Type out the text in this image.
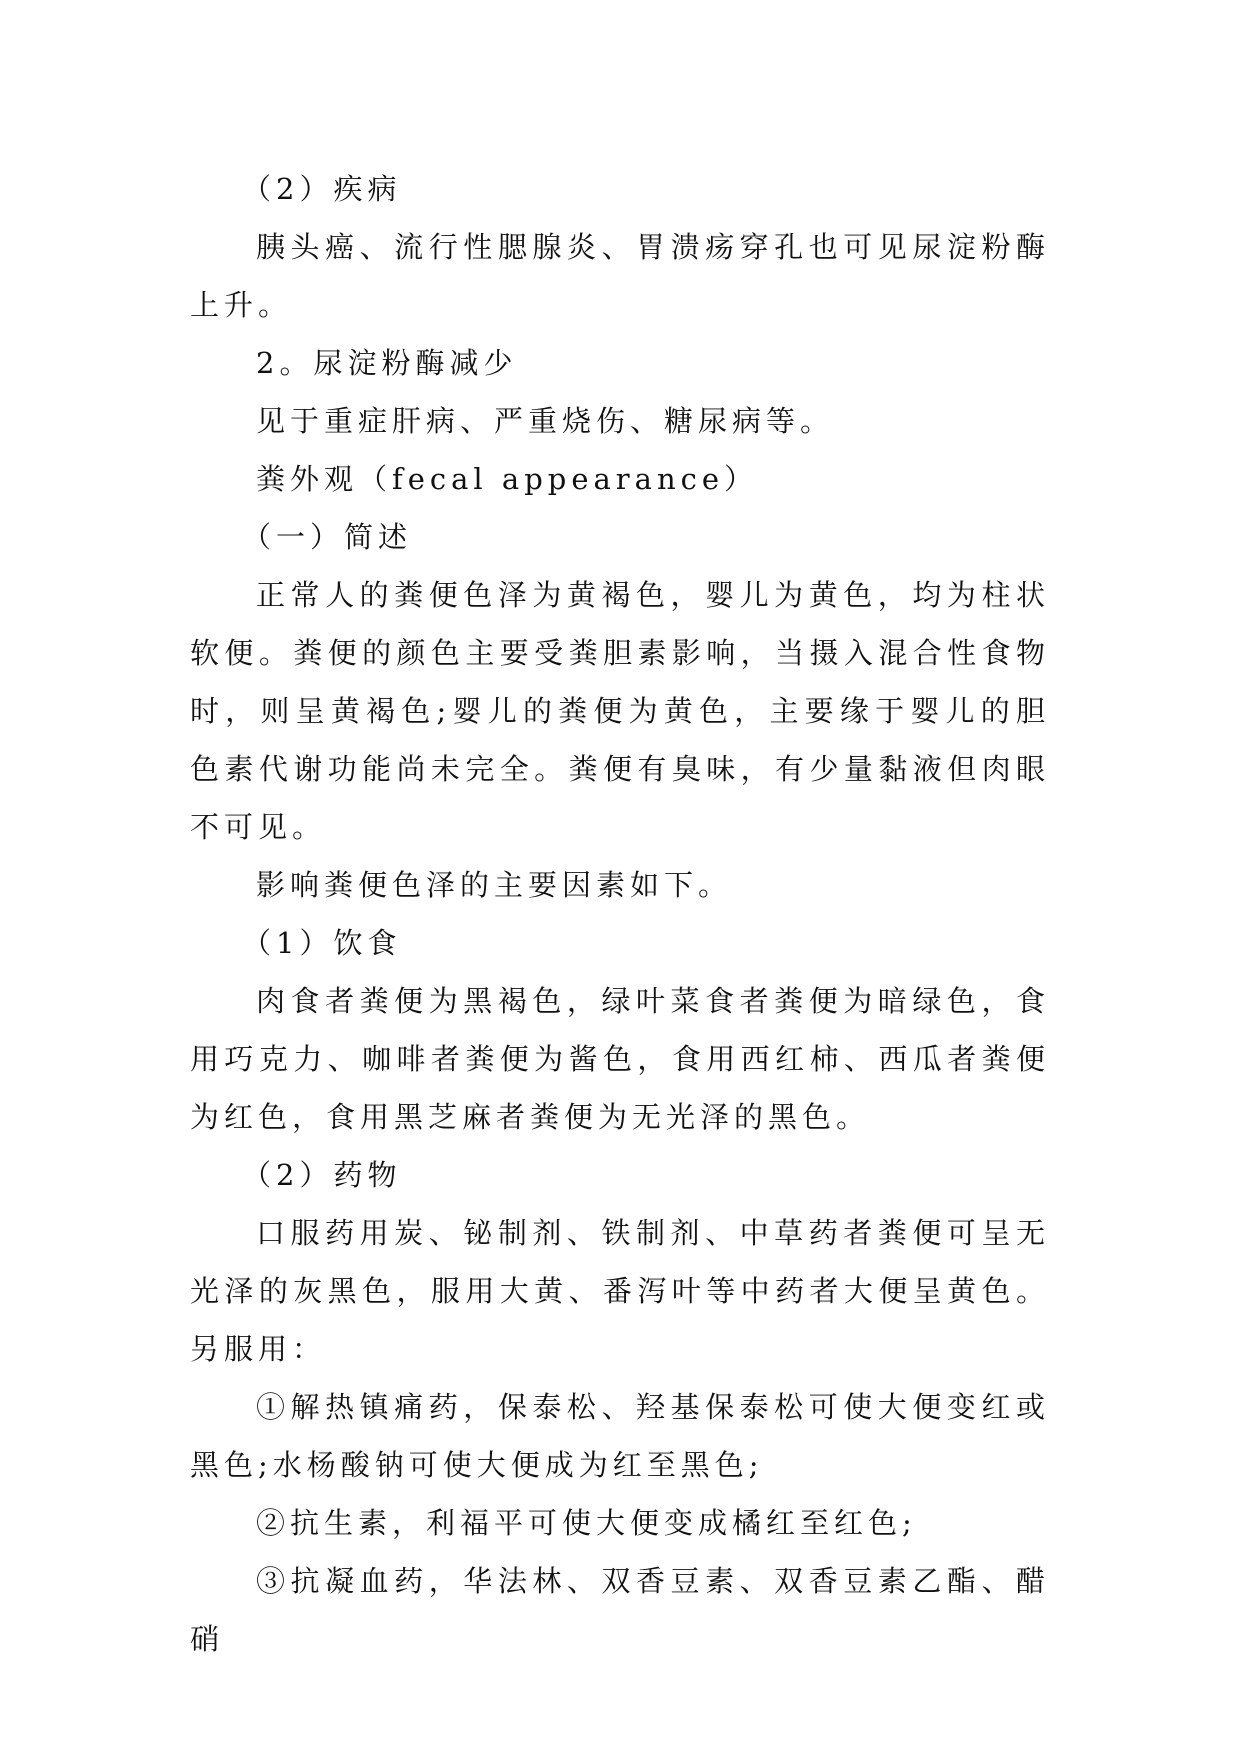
（2）疾病

胰头癌、流行性腮腺炎、胃溃疡穿孔也可见尿淀粉酶上升。

2。尿淀粉酶减少

见于重症肝病、严重烧伤、糖尿病等。

粪外观（fecal appearance）

（一）简述

正常人的粪便色泽为黄褐色，婴儿为黄色，均为柱状软便。粪便的颜色主要受粪胆素影响，当摄入混合性食物时，则呈黄褐色;婴儿的粪便为黄色，主要缘于婴儿的胆色素代谢功能尚未完全。粪便有臭味，有少量黏液但肉眼不可见。

影响粪便色泽的主要因素如下。

（1）饮食

肉食者粪便为黑褐色，绿叶菜食者粪便为暗绿色，食用巧克力、咖啡者粪便为酱色，食用西红柿、西瓜者粪便为红色，食用黑芝麻者粪便为无光泽的黑色。

（2）药物

口服药用炭、铋制剂、铁制剂、中草药者粪便可呈无光泽的灰黑色，服用大黄、番泻叶等中药者大便呈黄色。另服用：

①解热镇痛药，保泰松、羟基保泰松可使大便变红或黑色;水杨酸钠可使大便成为红至黑色;

②抗生素，利福平可使大便变成橘红至红色;

③抗凝血药，华法林、双香豆素、双香豆素乙酯、醋硝
